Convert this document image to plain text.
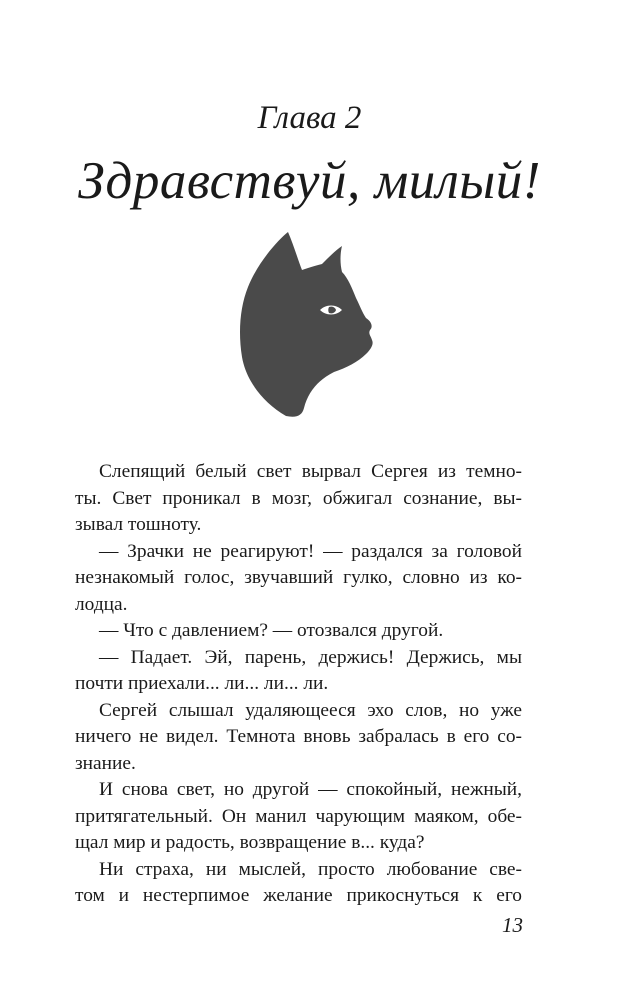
Глава 2
Здравствуй, милый!
Слепящий белый свет вырвал Сергея из темно-
ты. Свет проникал в мозг, обжигал сознание, вы-
зывал тошноту.
— Зрачки не реагируют! — раздался за головой
незнакомый голос, звучавший гулко, словно из ко-
лодца.
— Что с давлением? — отозвался другой.
— Падает. Эй, парень, держись! Держись, мы
почти приехали... ли... ли... ли.
Сергей слышал удаляющееся эхо слов, но уже
ничего не видел. Темнота вновь забралась в его со-
знание.
И снова свет, но другой — спокойный, нежный,
притягательный. Он манил чарующим маяком, обе-
щал мир и радость, возвращение в... куда?
Ни страха, ни мыслей, просто любование све-
том и нестерпимое желание прикоснуться к его
13
